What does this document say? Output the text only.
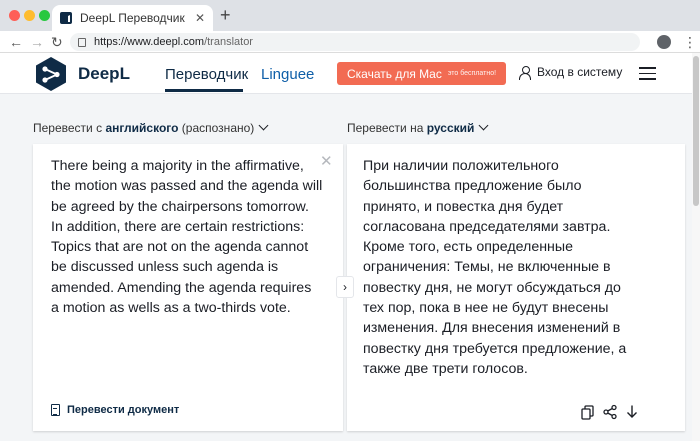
DeepL Переводчик ✕ +
← → ↻	https://www.deepl.com/translator	⋮
DeepL Переводчик Linguee	Скачать для Mac это бесплатно!	Вход в систему
Перевести с английского (распознано)	Перевести на русский
There being a majority in the affirmative,
the motion was passed and the agenda will
be agreed by the chairpersons tomorrow.
In addition, there are certain restrictions:
Topics that are not on the agenda cannot
be discussed unless such agenda is
amended. Amending the agenda requires
a motion as wells as a two-thirds vote.
✕ При наличии положительного
большинства предложение было
принято, и повестка дня будет
согласована председателями завтра.
Кроме того, есть определенные
ограничения: Темы, не включенные в
повестку дня, не могут обсуждаться до
тех пор, пока в нее не будут внесены
изменения. Для внесения изменений в
повестку дня требуется предложение, а
также две трети голосов.
›
Перевести документ
